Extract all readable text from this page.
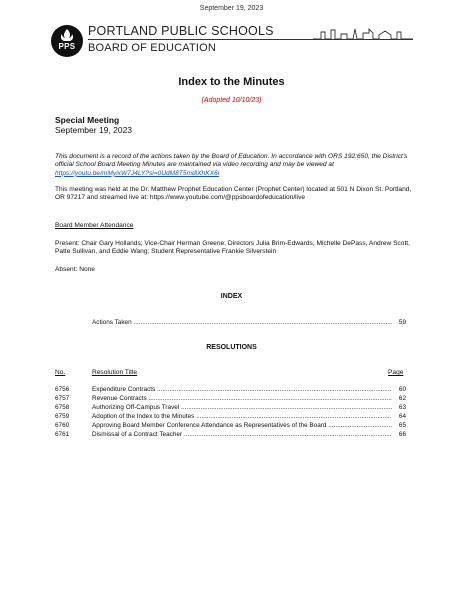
September 19, 2023
PPS
PORTLAND PUBLIC SCHOOLS
BOARD OF EDUCATION
Index to the Minutes
(Adopted 10/10/23)
Special Meeting
September 19, 2023
This document is a record of the actions taken by the Board of Education. In accordance with ORS 192:650, the District’s official School Board Meeting Minutes are maintained via video recording and may be viewed at https://youtu.be/mMyixW7J4LY?si=0UdM8T5mdlXhKX6i
This meeting was held at the Dr. Matthew Prophet Education Center (Prophet Center) located at 501 N Dixon St. Portland, OR 97217 and streamed live at: https://www.youtube.com/@ppsboardofeducation/live
Board Member Attendance
Present: Chair Gary Hollands; Vice-Chair Herman Greene; Directors Julia Brim-Edwards, Michelle DePass, Andrew Scott, Patte Sullivan, and Eddie Wang; Student Representative Frankie Silverstein
Absent: None
INDEX
Actions Taken .....	59
RESOLUTIONS
No.	Resolution Title	Page
6756	Expenditure Contracts .....	60
6757	Revenue Contracts .....	62
6758	Authorizing Off-Campus Travel .....	63
6759	Adoption of the Index to the Minutes .....	64
6760	Approving Board Member Conference Attendance as Representatives of the Board .....	65
6761	Dismissal of a Contract Teacher .....	66
